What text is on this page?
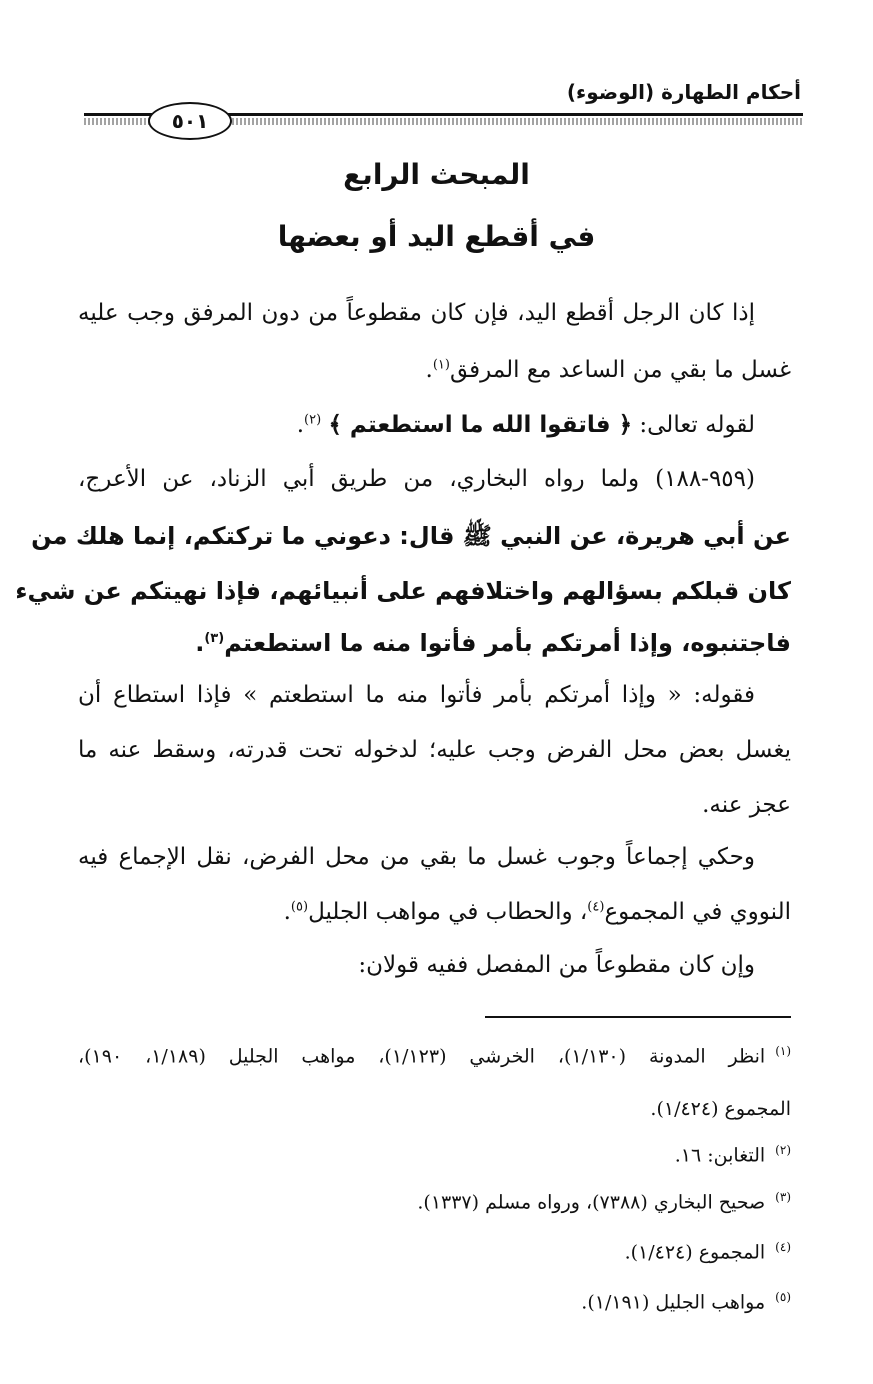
أحكام الطهارة (الوضوء)
٥٠١
المبحث الرابع
في أقطع اليد أو بعضها
إذا كان الرجل أقطع اليد، فإن كان مقطوعاً من دون المرفق وجب عليه
غسل ما بقي من الساعد مع المرفق$^{(١)}$.
لقوله تعالى: ﴿ فاتقوا الله ما استطعتم ﴾ $^{(٢)}$.
(٩٥٩-١٨٨) ولما رواه البخاري، من طريق أبي الزناد، عن الأعرج،
عن أبي هريرة، عن النبي ﷺ قال: دعوني ما تركتكم، إنما هلك من
كان قبلكم بسؤالهم واختلافهم على أنبيائهم، فإذا نهيتكم عن شيء
فاجتنبوه، وإذا أمرتكم بأمر فأتوا منه ما استطعتم$^{(٣)}$.
فقوله: « وإذا أمرتكم بأمر فأتوا منه ما استطعتم » فإذا استطاع أن
يغسل بعض محل الفرض وجب عليه؛ لدخوله تحت قدرته، وسقط عنه ما
عجز عنه.
وحكي إجماعاً وجوب غسل ما بقي من محل الفرض، نقل الإجماع فيه
النووي في المجموع$^{(٤)}$، والحطاب في مواهب الجليل$^{(٥)}$.
وإن كان مقطوعاً من المفصل ففيه قولان:
$^{(١)}$انظر المدونة (١/١٣٠)، الخرشي (١/١٢٣)، مواهب الجليل (١/١٨٩، ١٩٠)،
المجموع (١/٤٢٤).
$^{(٢)}$التغابن: ١٦.
$^{(٣)}$صحيح البخاري (٧٣٨٨)، ورواه مسلم (١٣٣٧).
$^{(٤)}$المجموع (١/٤٢٤).
$^{(٥)}$مواهب الجليل (١/١٩١).
